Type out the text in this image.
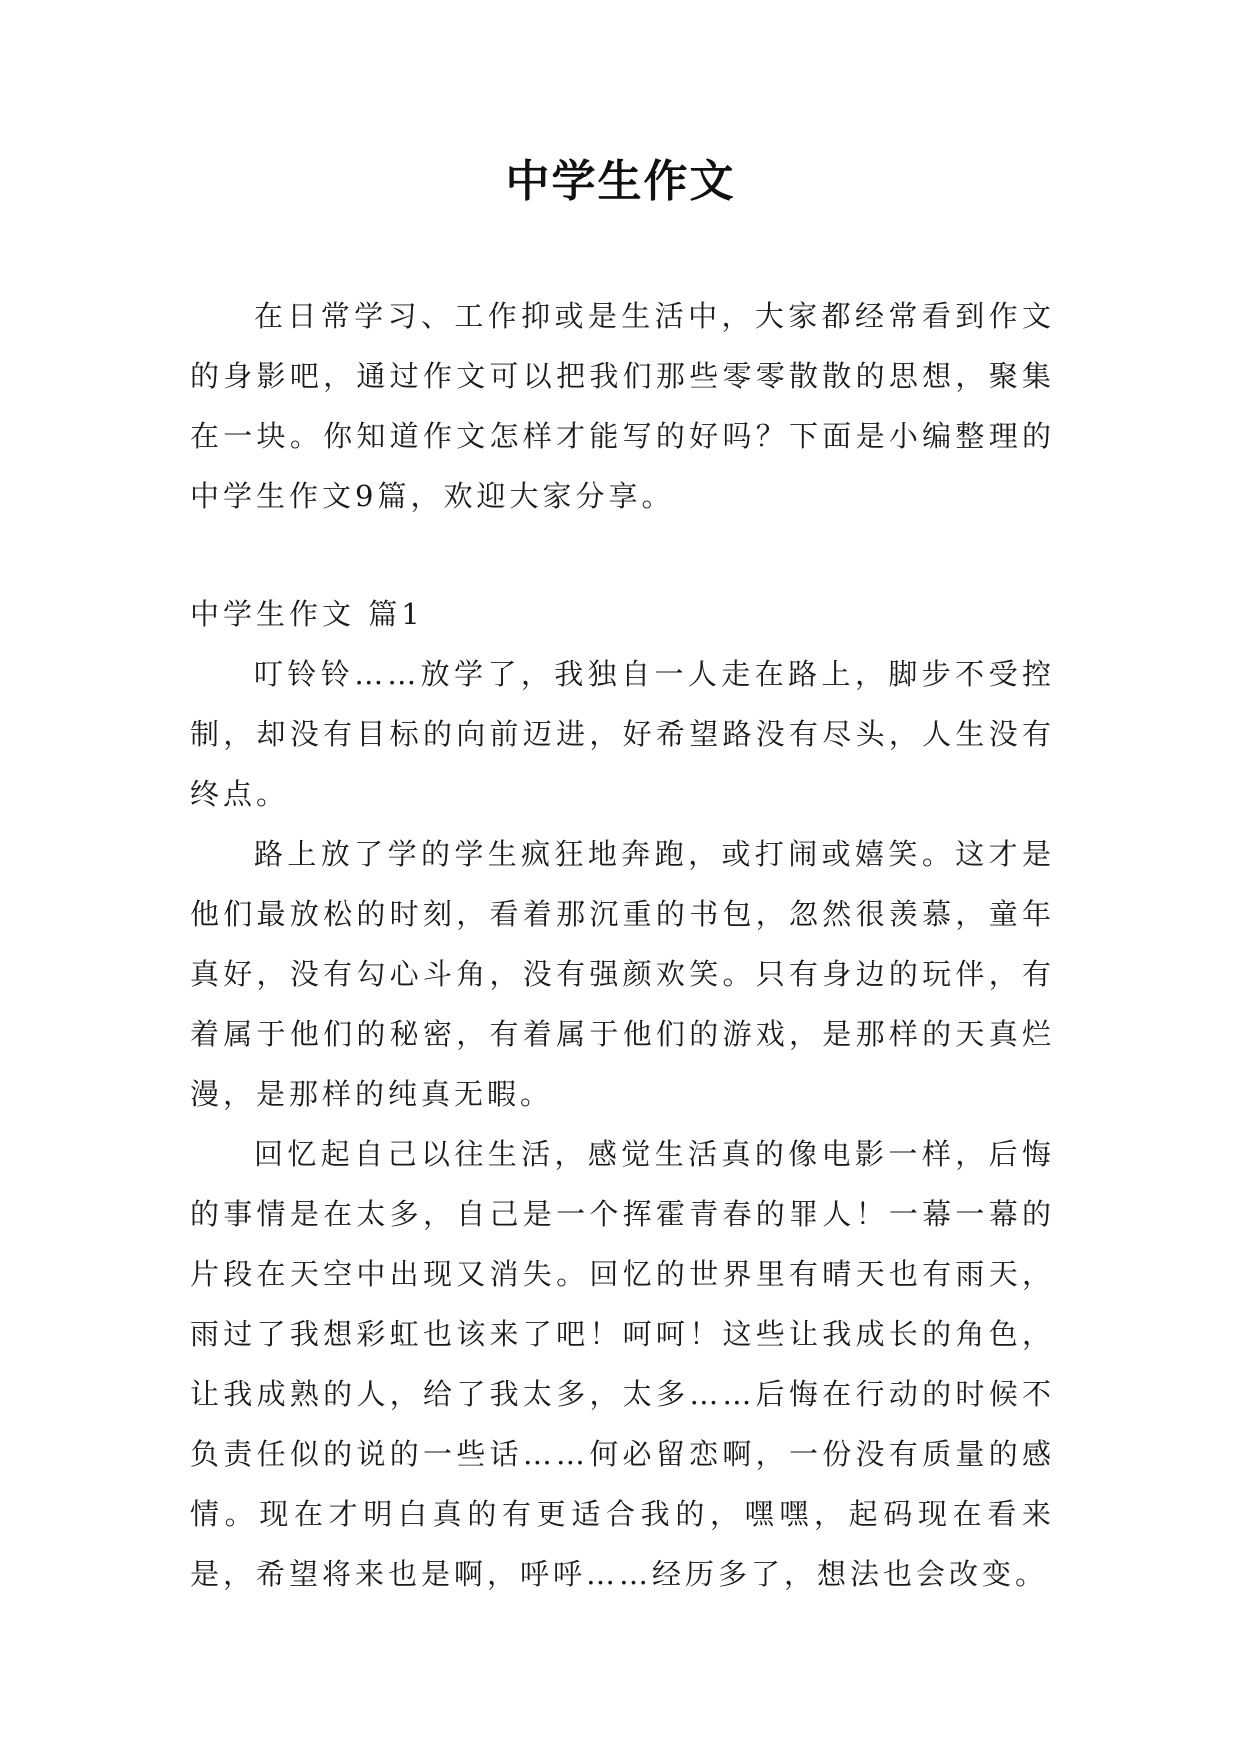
中学生作文

在日常学习、工作抑或是生活中，大家都经常看到作文的身影吧，通过作文可以把我们那些零零散散的思想，聚集在一块。你知道作文怎样才能写的好吗？下面是小编整理的中学生作文9篇，欢迎大家分享。

中学生作文 篇1

叮铃铃……放学了，我独自一人走在路上，脚步不受控制，却没有目标的向前迈进，好希望路没有尽头，人生没有终点。

路上放了学的学生疯狂地奔跑，或打闹或嬉笑。这才是他们最放松的时刻，看着那沉重的书包，忽然很羡慕，童年真好，没有勾心斗角，没有强颜欢笑。只有身边的玩伴，有着属于他们的秘密，有着属于他们的游戏，是那样的天真烂漫，是那样的纯真无暇。

回忆起自己以往生活，感觉生活真的像电影一样，后悔的事情是在太多，自己是一个挥霍青春的罪人！一幕一幕的片段在天空中出现又消失。回忆的世界里有晴天也有雨天，雨过了我想彩虹也该来了吧！呵呵！这些让我成长的角色，让我成熟的人，给了我太多，太多……后悔在行动的时候不负责任似的说的一些话……何必留恋啊，一份没有质量的感情。现在才明白真的有更适合我的，嘿嘿，起码现在看来是，希望将来也是啊，呼呼……经历多了，想法也会改变。
